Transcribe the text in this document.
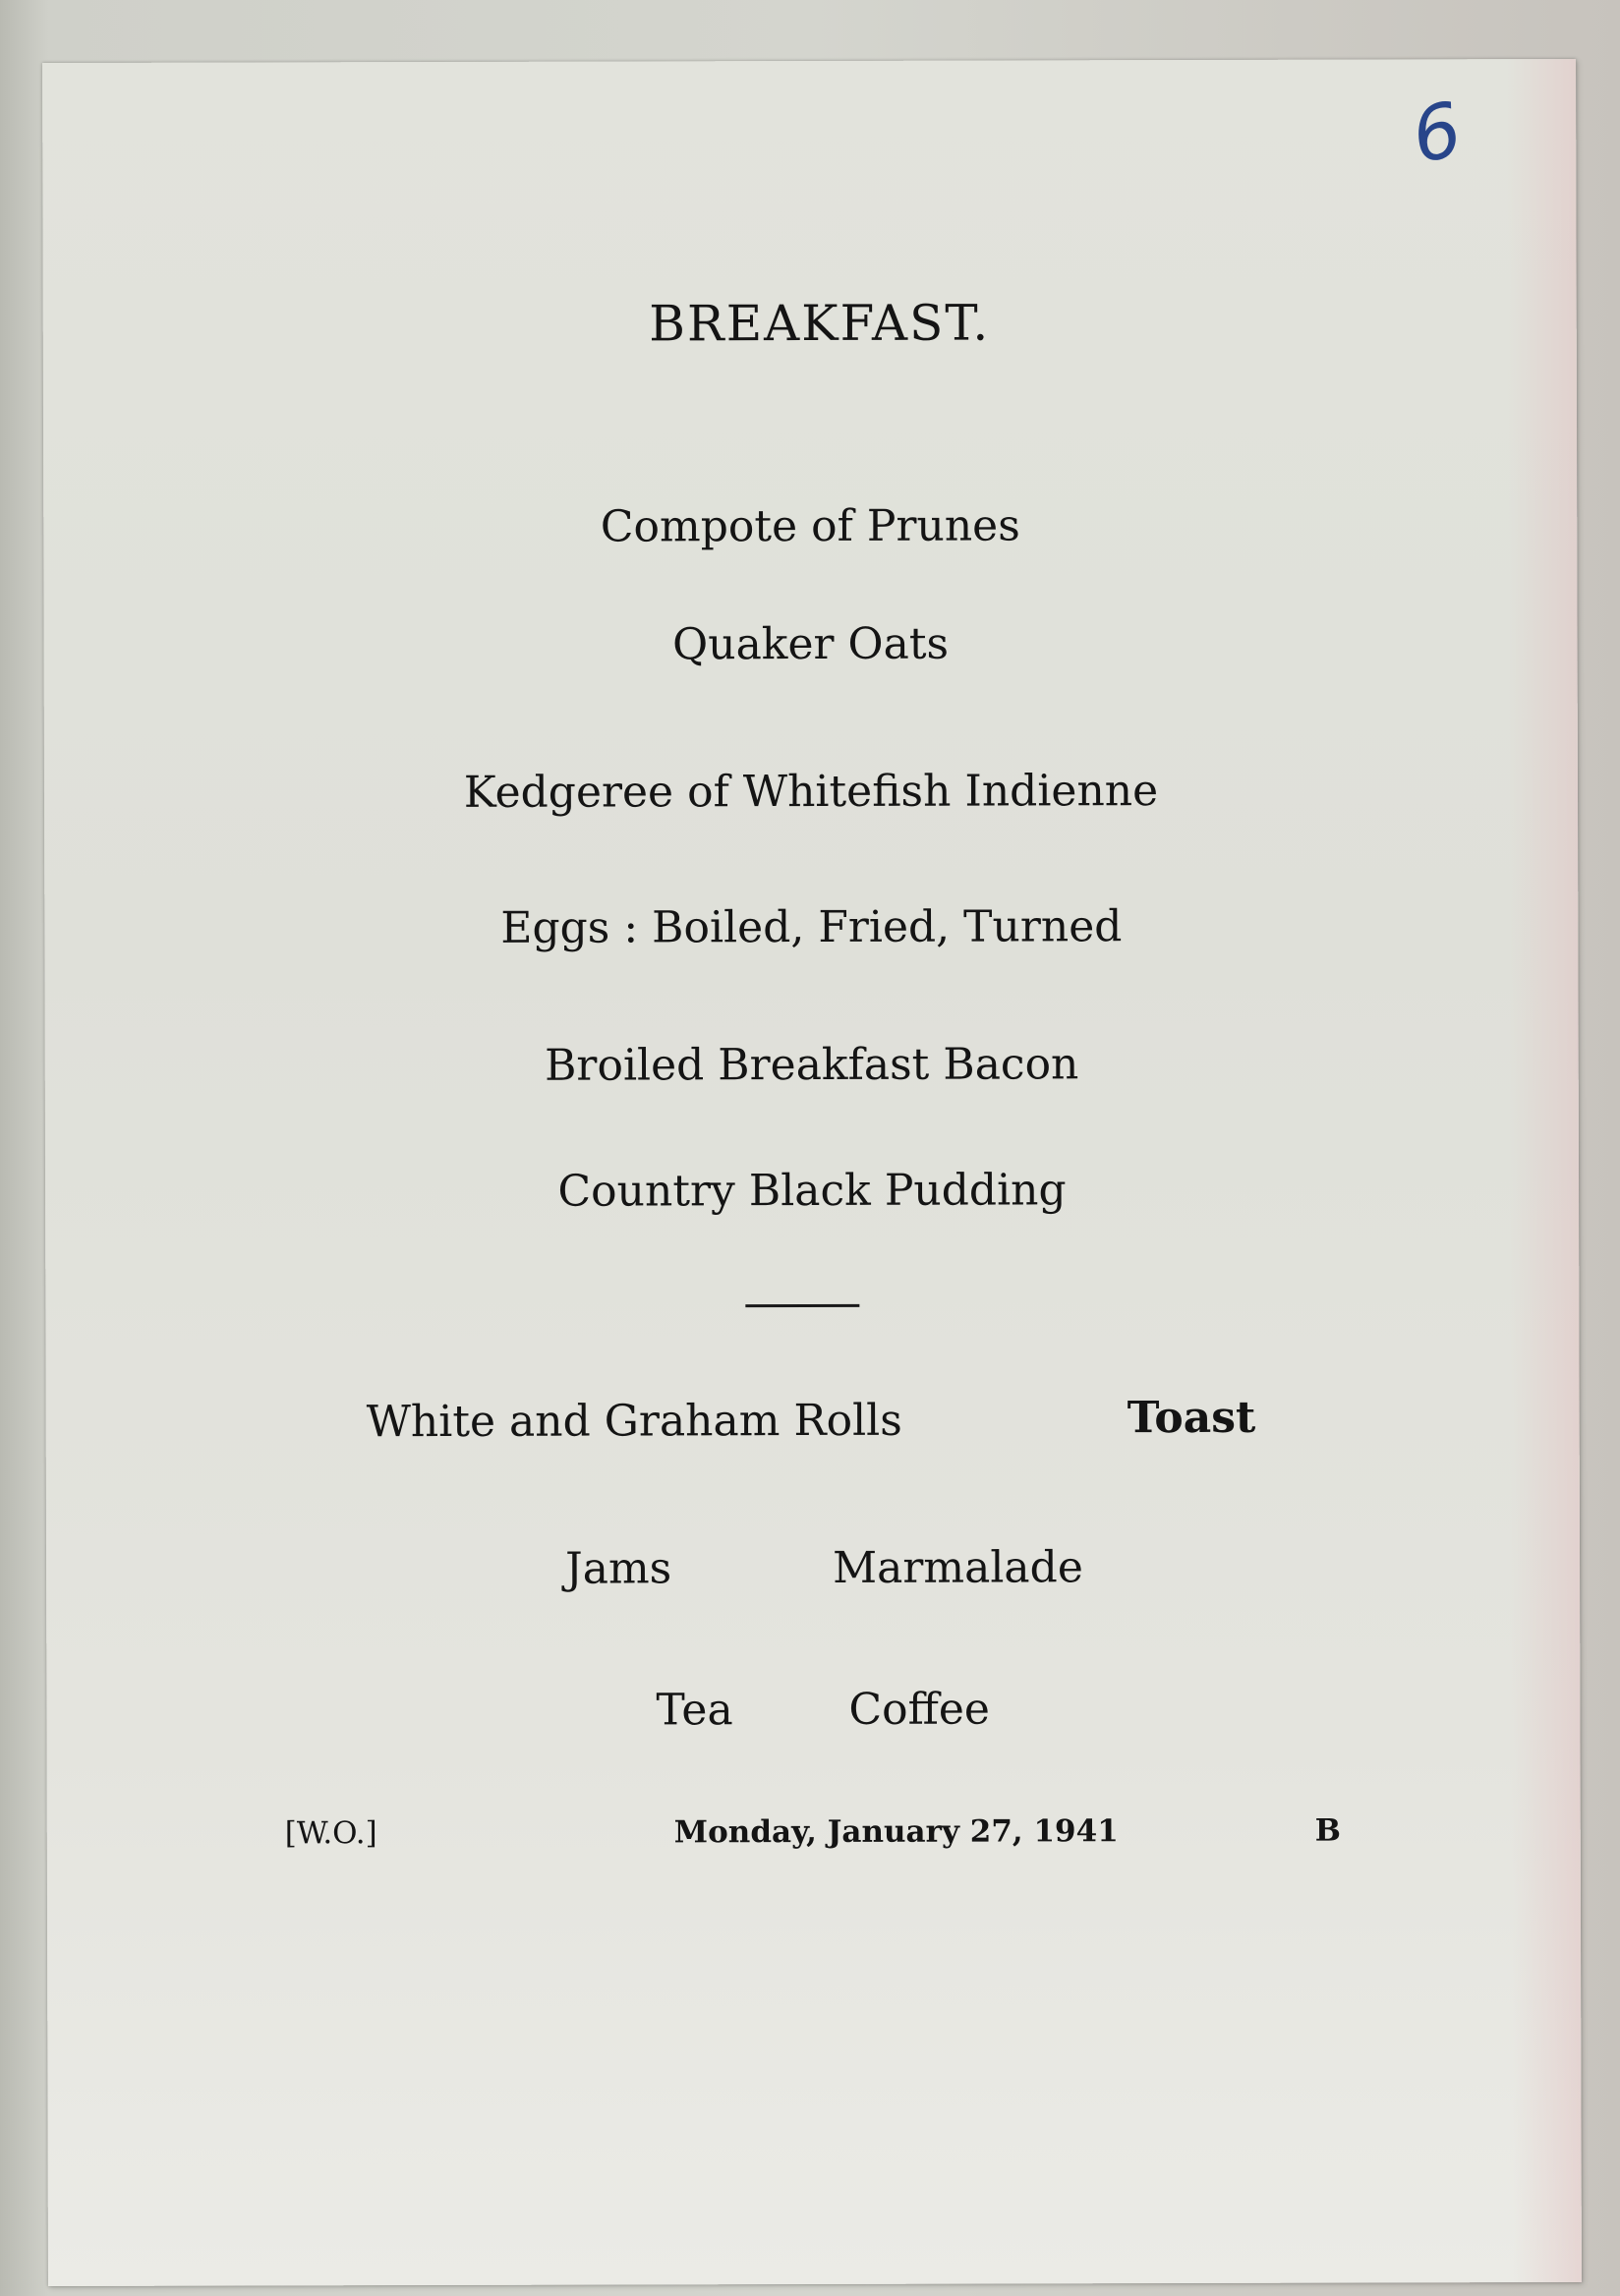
6
BREAKFAST.
Compote of Prunes
Quaker Oats
Kedgeree of Whitefish Indienne
Eggs : Boiled, Fried, Turned
Broiled Breakfast Bacon
Country Black Pudding
White and Graham Rolls	Toast
Jams	Marmalade
Tea	Coffee
[W.O.]	Monday, January 27, 1941	B
